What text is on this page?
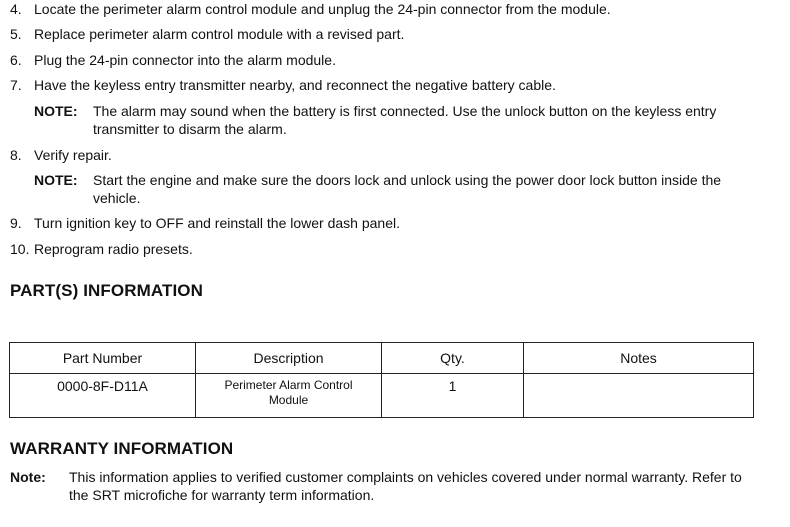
4. Locate the perimeter alarm control module and unplug the 24-pin connector from the module.
5. Replace perimeter alarm control module with a revised part.
6. Plug the 24-pin connector into the alarm module.
7. Have the keyless entry transmitter nearby, and reconnect the negative battery cable.
NOTE: The alarm may sound when the battery is first connected. Use the unlock button on the keyless entry transmitter to disarm the alarm.
8. Verify repair.
NOTE: Start the engine and make sure the doors lock and unlock using the power door lock button inside the vehicle.
9. Turn ignition key to OFF and reinstall the lower dash panel.
10. Reprogram radio presets.
PART(S) INFORMATION
Part Number	Description	Qty.	Notes
0000-8F-D11A	Perimeter Alarm Control Module	1	
WARRANTY INFORMATION
Note: This information applies to verified customer complaints on vehicles covered under normal warranty. Refer to the SRT microfiche for warranty term information.
